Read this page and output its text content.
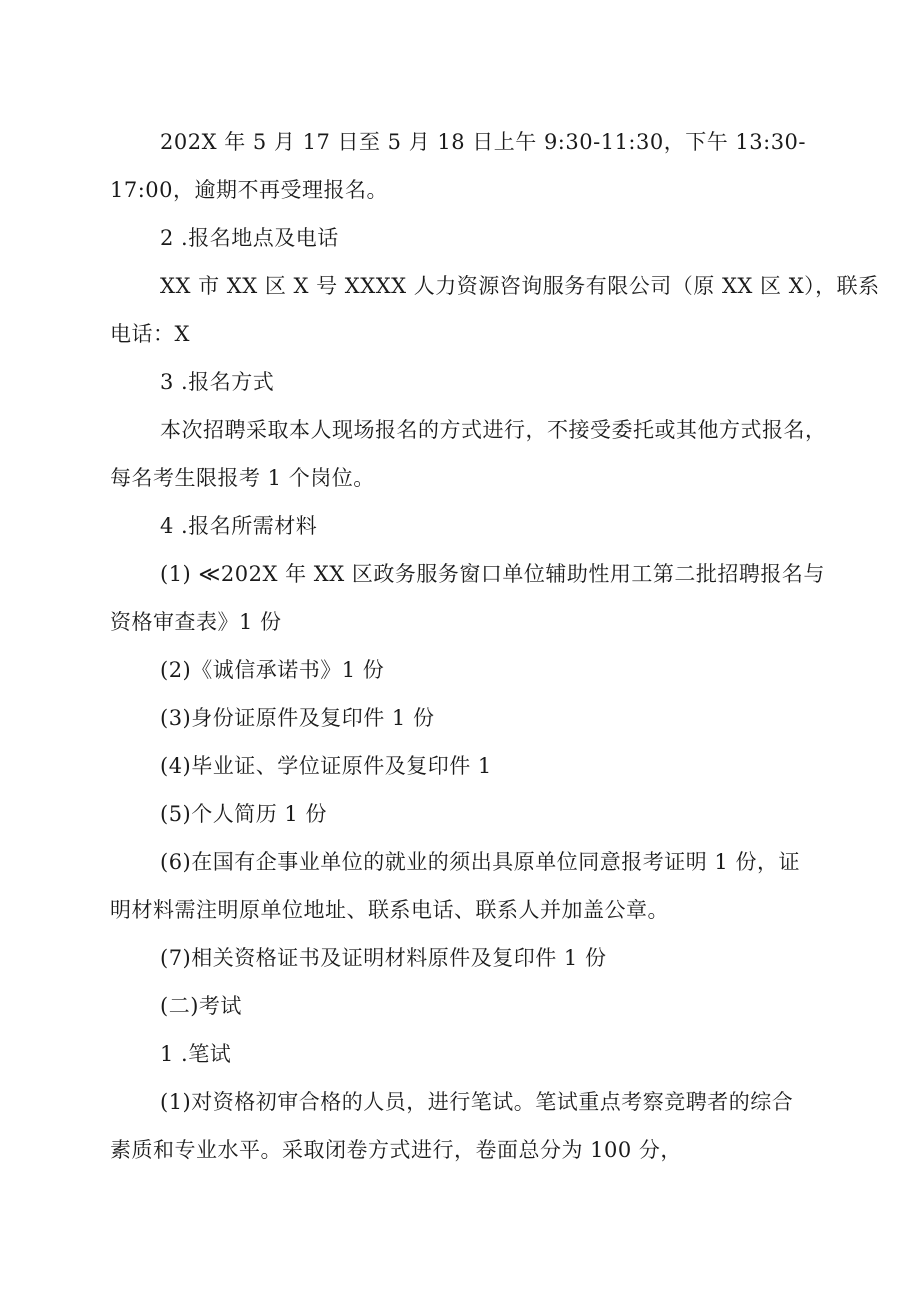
202X 年 5 月 17 日至 5 月 18 日上午 9:30-11:30，下午 13:30-
17:00，逾期不再受理报名。
2 .报名地点及电话
XX 市 XX 区 X 号 XXXX 人力资源咨询服务有限公司（原 XX 区 X），联系
电话：X
3 .报名方式
本次招聘采取本人现场报名的方式进行，不接受委托或其他方式报名，
每名考生限报考 1 个岗位。
4 .报名所需材料
(1) ≪202X 年 XX 区政务服务窗口单位辅助性用工第二批招聘报名与
资格审查表》1 份
(2)《诚信承诺书》1 份
(3)身份证原件及复印件 1 份
(4)毕业证、学位证原件及复印件 1
(5)个人简历 1 份
(6)在国有企事业单位的就业的须出具原单位同意报考证明 1 份，证
明材料需注明原单位地址、联系电话、联系人并加盖公章。
(7)相关资格证书及证明材料原件及复印件 1 份
(二)考试
1 .笔试
(1)对资格初审合格的人员，进行笔试。笔试重点考察竞聘者的综合
素质和专业水平。采取闭卷方式进行，卷面总分为 100 分，
